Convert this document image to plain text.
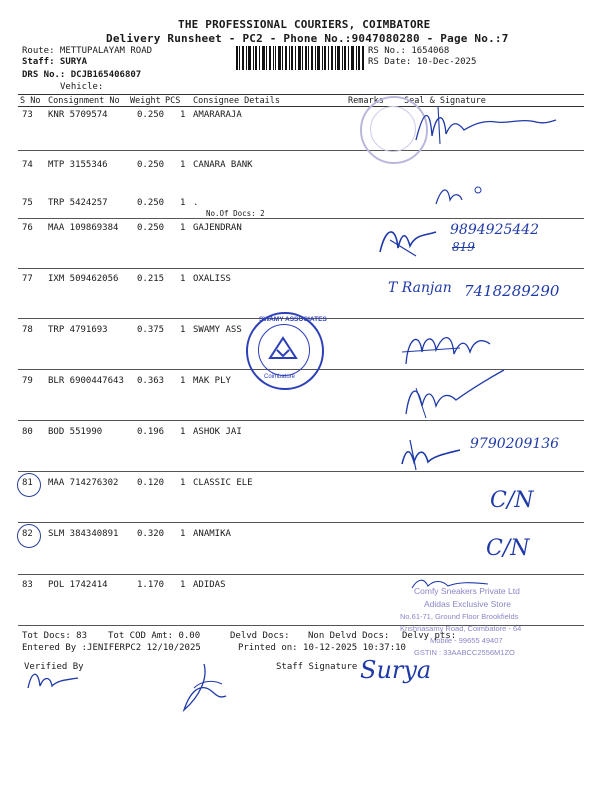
THE PROFESSIONAL COURIERS, COIMBATORE
Delivery Runsheet - PC2 - Phone No.:9047080280 - Page No.:7
Route: METTUPALAYAM ROAD
Staff: SURYA
DRS No.: DCJB165406807
Vehicle:
RS No.: 1654068
RS Date: 10-Dec-2025
S No Consignment No Weight PCS Consignee Details	Remarks Seal & Signature
73 KNR 5709574	0.250 1 AMARARAJA
74 MTP 3155346	0.250 1 CANARA BANK
75 TRP 5424257	0.250 1 .
No.Of Docs: 2
76 MAA 109869384 0.250 1 GAJENDRAN
77 IXM 509462056 0.215 1 OXALISS
78 TRP 4791693	0.375 1 SWAMY ASS
79 BLR 6900447643 0.363 1 MAK PLY
80 BOD 551990	0.196 1 ASHOK JAI
81 MAA 714276302 0.120 1 CLASSIC ELE
82 SLM 384340891 0.320 1 ANAMIKA
83 POL 1742414	1.170 1 ADIDAS
9894925442
819
T Ranjan 7418289290
SWAMY ASSOCIATES
Coimbatore
9790209136
C/N
C/N
Comfy Sneakers Private Ltd
Adidas Exclusive Store
No.61-71, Ground Floor Brookfields
Krishnasamy Road, Coimbatore - 64
Mobile - 99655 49407
GSTIN : 33AABCC2556M1ZO
Tot Docs: 83 Tot COD Amt: 0.00	Delvd Docs: Non Delvd Docs: Delvy pts:
Entered By :JENIFERPC2 12/10/2025	Printed on: 10-12-2025 10:37:10
Verified By	Staff Signature Surya
